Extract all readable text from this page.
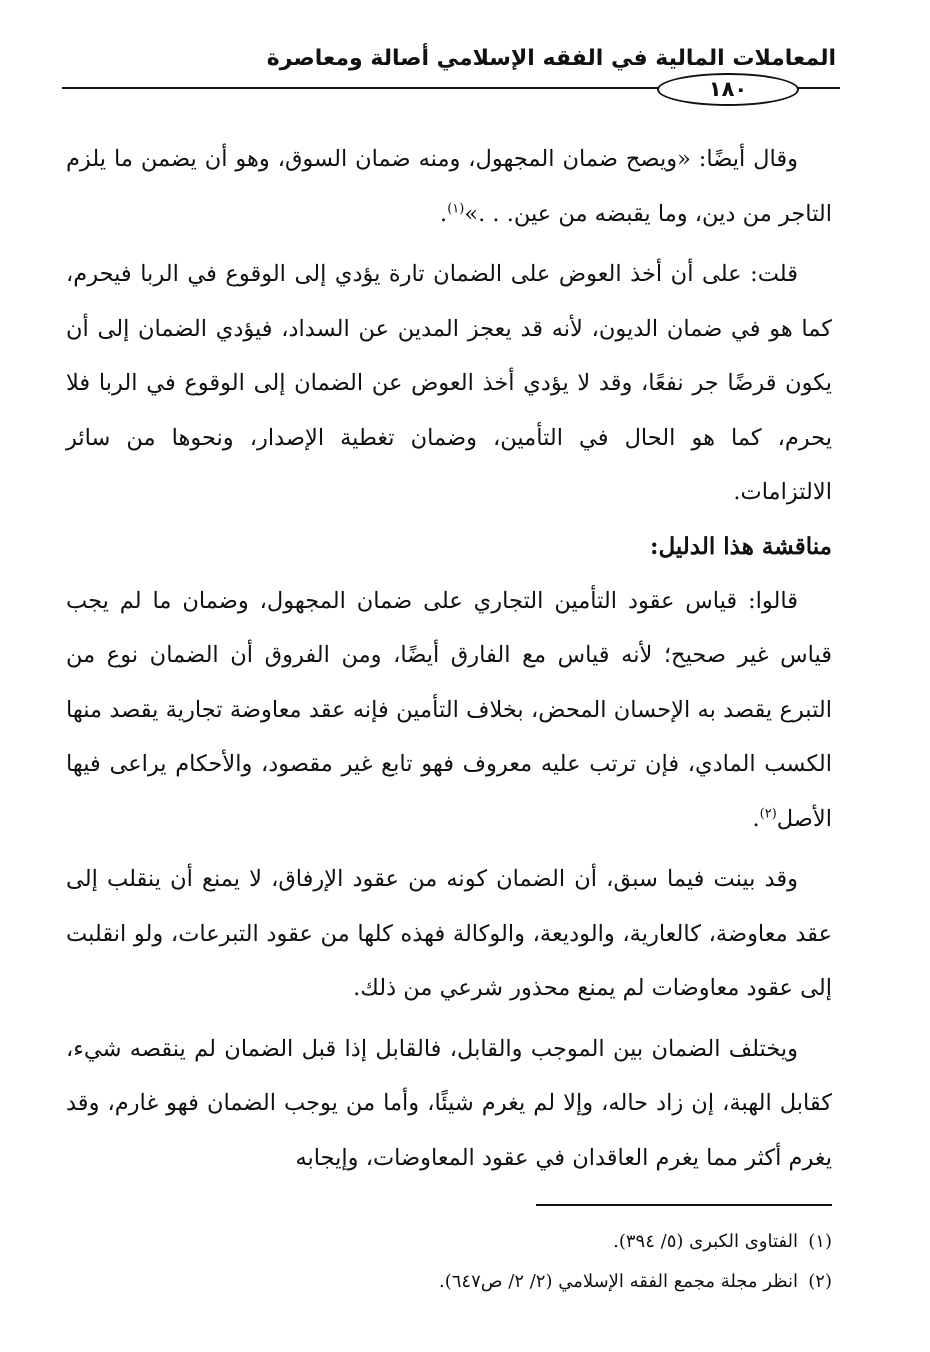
المعاملات المالية في الفقه الإسلامي أصالة ومعاصرة
١٨٠

وقال أيضًا: «ويصح ضمان المجهول، ومنه ضمان السوق، وهو أن يضمن ما يلزم التاجر من دين، وما يقبضه من عين. . .»$^{(١)}$.

قلت: على أن أخذ العوض على الضمان تارة يؤدي إلى الوقوع في الربا فيحرم، كما هو في ضمان الديون، لأنه قد يعجز المدين عن السداد، فيؤدي الضمان إلى أن يكون قرضًا جر نفعًا، وقد لا يؤدي أخذ العوض عن الضمان إلى الوقوع في الربا فلا يحرم، كما هو الحال في التأمين، وضمان تغطية الإصدار، ونحوها من سائر الالتزامات.

مناقشة هذا الدليل:

قالوا: قياس عقود التأمين التجاري على ضمان المجهول، وضمان ما لم يجب قياس غير صحيح؛ لأنه قياس مع الفارق أيضًا، ومن الفروق أن الضمان نوع من التبرع يقصد به الإحسان المحض، بخلاف التأمين فإنه عقد معاوضة تجارية يقصد منها الكسب المادي، فإن ترتب عليه معروف فهو تابع غير مقصود، والأحكام يراعى فيها الأصل$^{(٢)}$.

وقد بينت فيما سبق، أن الضمان كونه من عقود الإرفاق، لا يمنع أن ينقلب إلى عقد معاوضة، كالعارية، والوديعة، والوكالة فهذه كلها من عقود التبرعات، ولو انقلبت إلى عقود معاوضات لم يمنع محذور شرعي من ذلك.

ويختلف الضمان بين الموجب والقابل، فالقابل إذا قبل الضمان لم ينقصه شيء، كقابل الهبة، إن زاد حاله، وإلا لم يغرم شيئًا، وأما من يوجب الضمان فهو غارم، وقد يغرم أكثر مما يغرم العاقدان في عقود المعاوضات، وإيجابه

(١)
الفتاوى الكبرى (٥/ ٣٩٤).
(٢)
انظر مجلة مجمع الفقه الإسلامي (٢/ ٢/ ص٦٤٧).
